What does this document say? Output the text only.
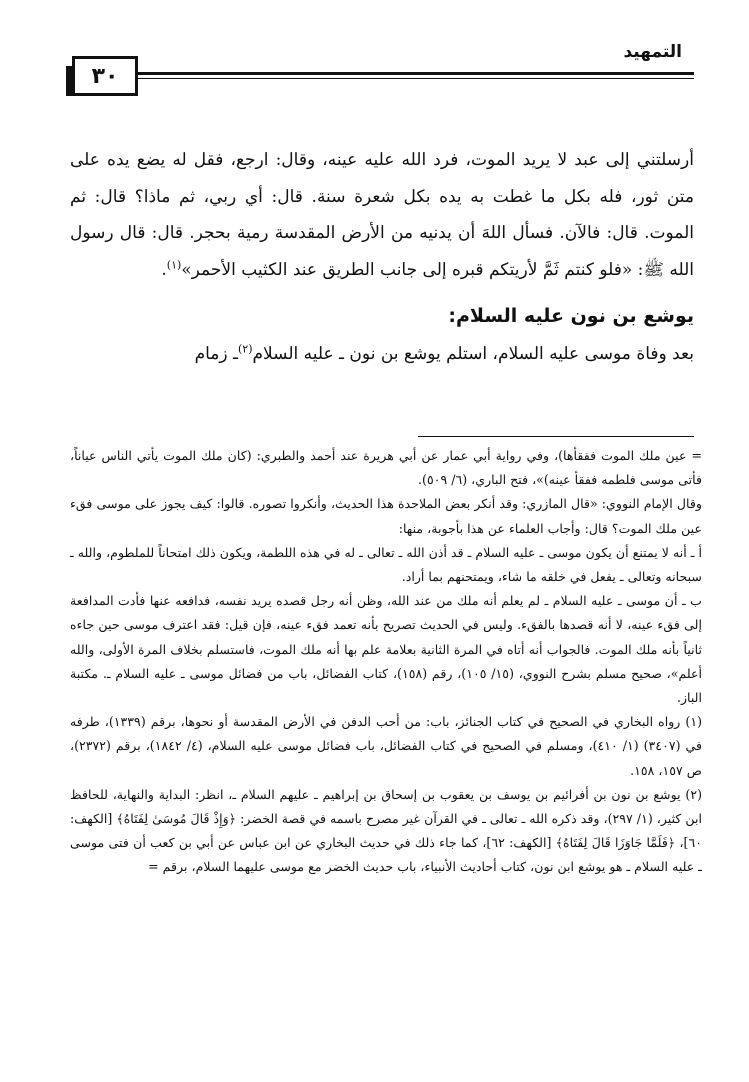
التمهيد
٣٠

أرسلتني إلى عبد لا يريد الموت، فرد الله عليه عينه، وقال: ارجع، فقل له يضع يده على متن ثور، فله بكل ما غطت به يده بكل شعرة سنة. قال: أي ربي، ثم ماذا؟ قال: ثم الموت. قال: فالآن. فسأل اللهَ أن يدنيه من الأرض المقدسة رمية بحجر. قال: قال رسول الله ﷺ: «فلو كنتم ثَمَّ لأريتكم قبره إلى جانب الطريق عند الكثيب الأحمر»$^{(١)}$.

يوشع بن نون عليه السلام:

بعد وفاة موسى عليه السلام، استلم يوشع بن نون ـ عليه السلام$^{(٢)}$ـ زمام

= عين ملك الموت ففقأها)، وفي رواية أبي عمار عن أبي هريرة عند أحمد والطبري: (كان ملك الموت يأتي الناس عياناً، فأتى موسى فلطمه ففقأ عينه)»، فتح الباري، (٦/ ٥٠٩).

وقال الإمام النووي: «قال المازري: وقد أنكر بعض الملاحدة هذا الحديث، وأنكروا تصوره. قالوا: كيف يجوز على موسى فقء عين ملك الموت؟ قال: وأجاب العلماء عن هذا بأجوبة، منها:

أ ـ أنه لا يمتنع أن يكون موسى ـ عليه السلام ـ قد أذن الله ـ تعالى ـ له في هذه اللطمة، ويكون ذلك امتحاناً للملطوم، والله ـ سبحانه وتعالى ـ يفعل في خلقه ما شاء، ويمتحنهم بما أراد.

ب ـ أن موسى ـ عليه السلام ـ لم يعلم أنه ملك من عند الله، وظن أنه رجل قصده يريد نفسه، فدافعه عنها فأدت المدافعة إلى فقء عينه، لا أنه قصدها بالفقء. وليس في الحديث تصريح بأنه تعمد فقء عينه، فإن قيل: فقد اعترف موسى حين جاءه ثانياً بأنه ملك الموت. فالجواب أنه أتاه في المرة الثانية بعلامة علم بها أنه ملك الموت، فاستسلم بخلاف المرة الأولى، والله أعلم»، صحيح مسلم بشرح النووي، (١٥/ ١٠٥)، رقم (١٥٨)، كتاب الفضائل، باب من فضائل موسى ـ عليه السلام ـ. مكتبة الباز.

(١) رواه البخاري في الصحيح في كتاب الجنائز، باب: من أحب الدفن في الأرض المقدسة أو نحوها، برقم (١٣٣٩)، طرفه في (٣٤٠٧) (١/ ٤١٠)، ومسلم في الصحيح في كتاب الفضائل، باب فضائل موسى عليه السلام، (٤/ ١٨٤٢)، برقم (٢٣٧٢)، ص ١٥٧، ١٥٨.

(٢) يوشع بن نون بن أفرائيم بن يوسف بن يعقوب بن إسحاق بن إبراهيم ـ عليهم السلام ـ، انظر: البداية والنهاية، للحافظ ابن كثير، (١/ ٢٩٧)، وقد ذكره الله ـ تعالى ـ في القرآن غير مصرح باسمه في قصة الخضر: ﴿وَإِذْ قَالَ مُوسَىٰ لِفَتَاهُ﴾ [الكهف: ٦٠]، ﴿فَلَمَّا جَاوَزَا قَالَ لِفَتَاهُ﴾ [الكهف: ٦٢]، كما جاء ذلك في حديث البخاري عن ابن عباس عن أبي بن كعب أن فتى موسى ـ عليه السلام ـ هو يوشع ابن نون، كتاب أحاديث الأنبياء، باب حديث الخضر مع موسى عليهما السلام، برقم =
